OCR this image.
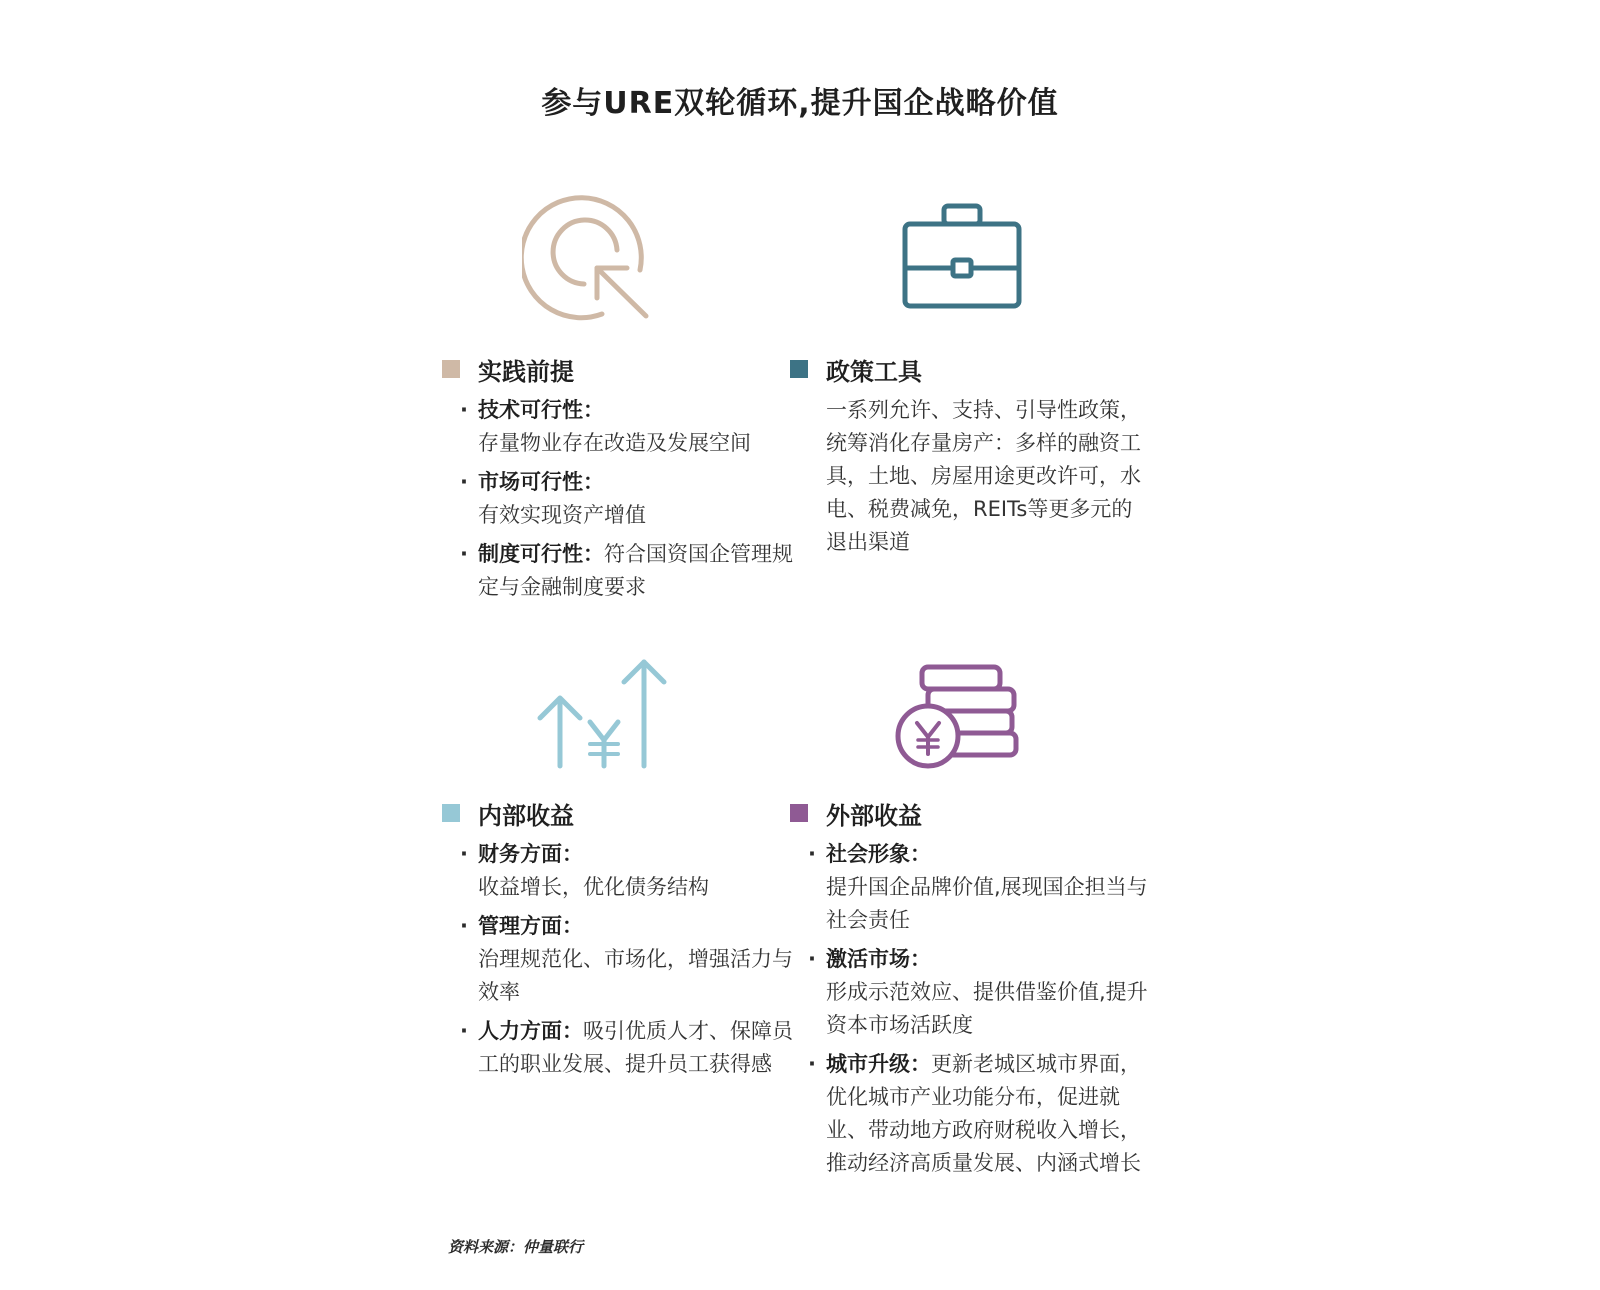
参与URE双轮循环,提升国企战略价值
实践前提
· 技术可行性：
存量物业存在改造及发展空间
· 市场可行性：
有效实现资产增值
· 制度可行性：符合国资国企管理规定与金融制度要求
政策工具
一系列允许、支持、引导性政策，统筹消化存量房产：多样的融资工具，土地、房屋用途更改许可，水电、税费减免，REITs等更多元的退出渠道
内部收益
· 财务方面：
收益增长，优化债务结构
· 管理方面：
治理规范化、市场化，增强活力与效率
· 人力方面：吸引优质人才、保障员工的职业发展、提升员工获得感
外部收益
· 社会形象：
提升国企品牌价值,展现国企担当与社会责任
· 激活市场：
形成示范效应、提供借鉴价值,提升资本市场活跃度
· 城市升级：更新老城区城市界面，优化城市产业功能分布，促进就业、带动地方政府财税收入增长，推动经济高质量发展、内涵式增长
资料来源：仲量联行
